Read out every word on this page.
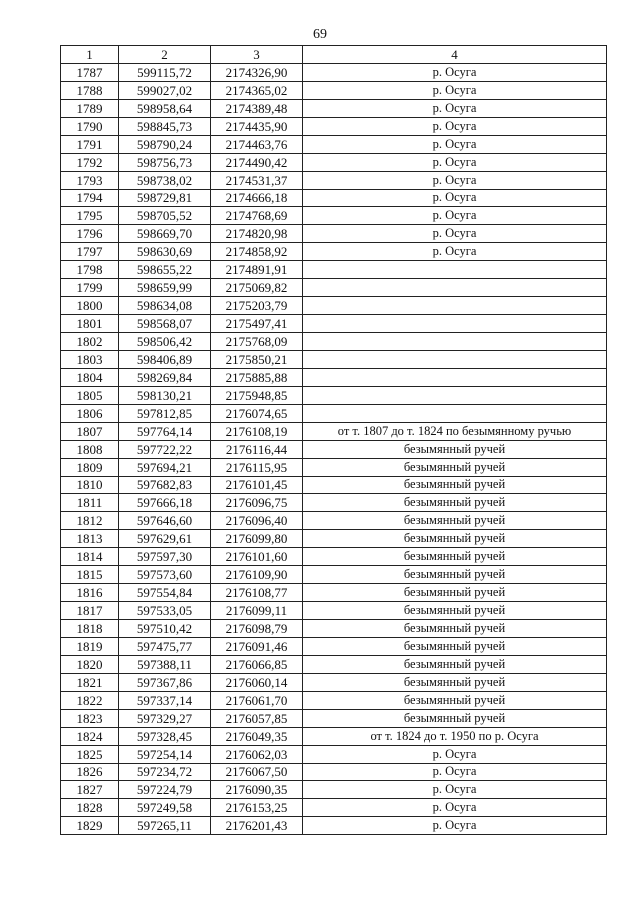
69
1	2	3	4
1787	599115,72	2174326,90	р. Осуга
1788	599027,02	2174365,02	р. Осуга
1789	598958,64	2174389,48	р. Осуга
1790	598845,73	2174435,90	р. Осуга
1791	598790,24	2174463,76	р. Осуга
1792	598756,73	2174490,42	р. Осуга
1793	598738,02	2174531,37	р. Осуга
1794	598729,81	2174666,18	р. Осуга
1795	598705,52	2174768,69	р. Осуга
1796	598669,70	2174820,98	р. Осуга
1797	598630,69	2174858,92	р. Осуга
1798	598655,22	2174891,91	
1799	598659,99	2175069,82	
1800	598634,08	2175203,79	
1801	598568,07	2175497,41	
1802	598506,42	2175768,09	
1803	598406,89	2175850,21	
1804	598269,84	2175885,88	
1805	598130,21	2175948,85	
1806	597812,85	2176074,65	
1807	597764,14	2176108,19	от т. 1807 до т. 1824 по безымянному ручью
1808	597722,22	2176116,44	безымянный ручей
1809	597694,21	2176115,95	безымянный ручей
1810	597682,83	2176101,45	безымянный ручей
1811	597666,18	2176096,75	безымянный ручей
1812	597646,60	2176096,40	безымянный ручей
1813	597629,61	2176099,80	безымянный ручей
1814	597597,30	2176101,60	безымянный ручей
1815	597573,60	2176109,90	безымянный ручей
1816	597554,84	2176108,77	безымянный ручей
1817	597533,05	2176099,11	безымянный ручей
1818	597510,42	2176098,79	безымянный ручей
1819	597475,77	2176091,46	безымянный ручей
1820	597388,11	2176066,85	безымянный ручей
1821	597367,86	2176060,14	безымянный ручей
1822	597337,14	2176061,70	безымянный ручей
1823	597329,27	2176057,85	безымянный ручей
1824	597328,45	2176049,35	от т. 1824 до т. 1950 по р. Осуга
1825	597254,14	2176062,03	р. Осуга
1826	597234,72	2176067,50	р. Осуга
1827	597224,79	2176090,35	р. Осуга
1828	597249,58	2176153,25	р. Осуга
1829	597265,11	2176201,43	р. Осуга
